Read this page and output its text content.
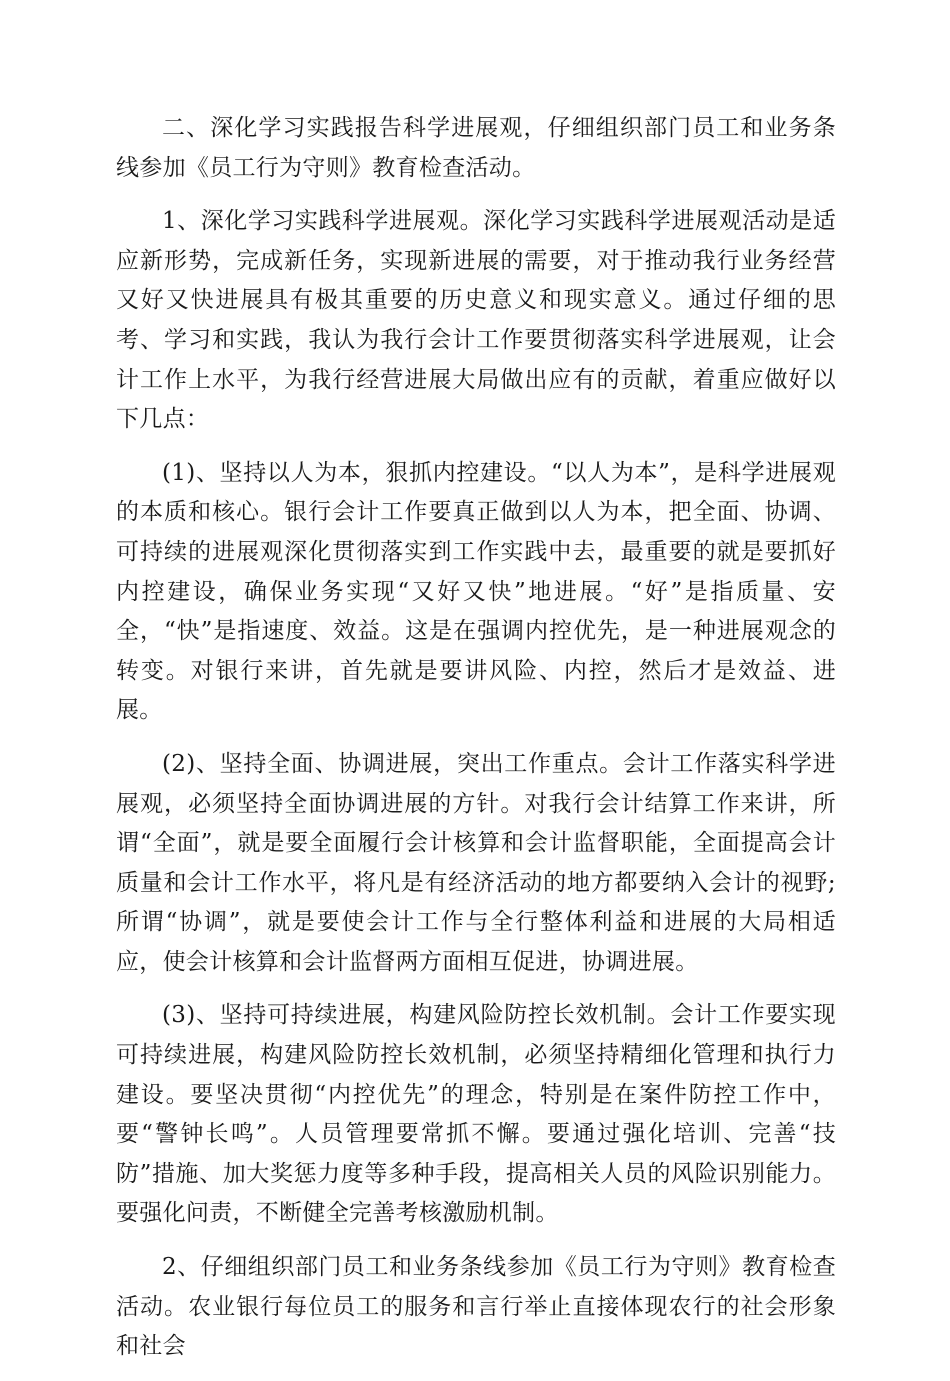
二、深化学习实践报告科学进展观，仔细组织部门员工和业务条线参加《员工行为守则》教育检查活动。

1、深化学习实践科学进展观。深化学习实践科学进展观活动是适应新形势，完成新任务，实现新进展的需要，对于推动我行业务经营又好又快进展具有极其重要的历史意义和现实意义。通过仔细的思考、学习和实践，我认为我行会计工作要贯彻落实科学进展观，让会计工作上水平，为我行经营进展大局做出应有的贡献，着重应做好以下几点：

(1)、坚持以人为本，狠抓内控建设。“以人为本”，是科学进展观的本质和核心。银行会计工作要真正做到以人为本，把全面、协调、可持续的进展观深化贯彻落实到工作实践中去，最重要的就是要抓好内控建设，确保业务实现“又好又快”地进展。“好”是指质量、安全，“快”是指速度、效益。这是在强调内控优先，是一种进展观念的转变。对银行来讲，首先就是要讲风险、内控，然后才是效益、进展。

(2)、坚持全面、协调进展，突出工作重点。会计工作落实科学进展观，必须坚持全面协调进展的方针。对我行会计结算工作来讲，所谓“全面”，就是要全面履行会计核算和会计监督职能，全面提高会计质量和会计工作水平，将凡是有经济活动的地方都要纳入会计的视野;所谓“协调”，就是要使会计工作与全行整体利益和进展的大局相适应，使会计核算和会计监督两方面相互促进，协调进展。

(3)、坚持可持续进展，构建风险防控长效机制。会计工作要实现可持续进展，构建风险防控长效机制，必须坚持精细化管理和执行力建设。要坚决贯彻“内控优先”的理念，特别是在案件防控工作中，要“警钟长鸣”。人员管理要常抓不懈。要通过强化培训、完善“技防”措施、加大奖惩力度等多种手段，提高相关人员的风险识别能力。要强化问责，不断健全完善考核激励机制。

2、仔细组织部门员工和业务条线参加《员工行为守则》教育检查活动。农业银行每位员工的服务和言行举止直接体现农行的社会形象和社会
